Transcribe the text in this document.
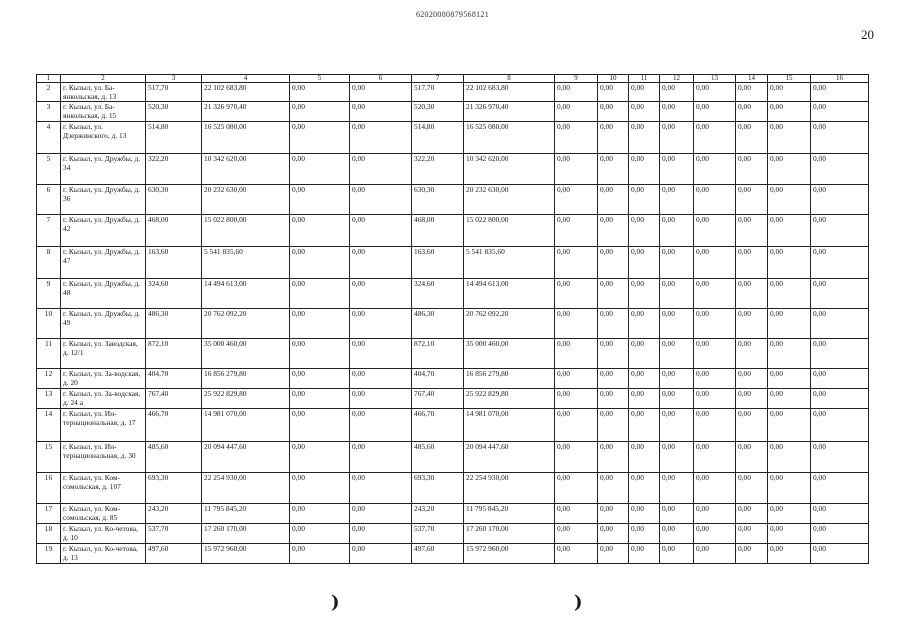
62020080879568121
20
1	2	3	4	5	6	7	8	9	10	11	12	13	14	15	16
2	г. Кызыл, ул. Ба-янкольская, д. 13	517,70	22 102 683,80	0,00	0,00	517,70	22 102 683,80	0,00	0,00	0,00	0,00	0,00	0,00	0,00	0,00
3	г. Кызыл, ул. Ба-янкольская, д. 15	520,30	21 326 970,40	0,00	0,00	520,30	21 326 970,40	0,00	0,00	0,00	0,00	0,00	0,00	0,00	0,00
4	г. Кызыл, ул. Дзержинского, д. 13	514,80	16 525 080,00	0,00	0,00	514,80	16 525 080,00	0,00	0,00	0,00	0,00	0,00	0,00	0,00	0,00
5	г. Кызыл, ул. Дружбы, д. 34	322,20	10 342 620,00	0,00	0,00	322,20	10 342 620,00	0,00	0,00	0,00	0,00	0,00	0,00	0,00	0,00
6	г. Кызыл, ул. Дружбы, д. 36	630,30	20 232 630,00	0,00	0,00	630,30	20 232 630,00	0,00	0,00	0,00	0,00	0,00	0,00	0,00	0,00
7	г. Кызыл, ул. Дружбы, д. 42	468,00	15 022 800,00	0,00	0,00	468,00	15 022 800,00	0,00	0,00	0,00	0,00	0,00	0,00	0,00	0,00
8	г. Кызыл, ул. Дружбы, д. 47	163,60	5 541 835,60	0,00	0,00	163,60	5 541 835,60	0,00	0,00	0,00	0,00	0,00	0,00	0,00	0,00
9	г. Кызыл, ул. Дружбы, д. 48	324,60	14 494 613,00	0,00	0,00	324,60	14 494 613,00	0,00	0,00	0,00	0,00	0,00	0,00	0,00	0,00
10	г. Кызыл, ул. Дружбы, д. 49	486,30	20 762 092,20	0,00	0,00	486,30	20 762 092,20	0,00	0,00	0,00	0,00	0,00	0,00	0,00	0,00
11	г. Кызыл, ул. Заводская, д. 12/1	872,10	35 000 460,00	0,00	0,00	872,10	35 000 460,00	0,00	0,00	0,00	0,00	0,00	0,00	0,00	0,00
12	г. Кызыл, ул. За-водская, д. 20	404,70	16 856 279,80	0,00	0,00	404,70	16 856 279,80	0,00	0,00	0,00	0,00	0,00	0,00	0,00	0,00
13	г. Кызыл, ул. За-водская, д. 24 а	767,40	25 922 829,80	0,00	0,00	767,40	25 922 829,80	0,00	0,00	0,00	0,00	0,00	0,00	0,00	0,00
14	г. Кызыл, ул. Ин-тернациональная, д. 17	466,70	14 981 070,00	0,00	0,00	466,70	14 981 070,00	0,00	0,00	0,00	0,00	0,00	0,00	0,00	0,00
15	г. Кызыл, ул. Ин-тернациональная, д. 30	485,60	20 094 447,60	0,00	0,00	485,60	20 094 447,60	0,00	0,00	0,00	0,00	0,00	0,00	0,00	0,00
16	г. Кызыл, ул. Ком-сомольская, д. 107	693,30	22 254 930,00	0,00	0,00	693,30	22 254 930,00	0,00	0,00	0,00	0,00	0,00	0,00	0,00	0,00
17	г. Кызыл, ул. Ком-сомольская, д. 85	243,20	11 795 845,20	0,00	0,00	243,20	11 795 845,20	0,00	0,00	0,00	0,00	0,00	0,00	0,00	0,00
18	г. Кызыл, ул. Ко-четова, д. 10	537,70	17 260 170,00	0,00	0,00	537,70	17 260 170,00	0,00	0,00	0,00	0,00	0,00	0,00	0,00	0,00
19	г. Кызыл, ул. Ко-четова, д. 13	497,60	15 972 960,00	0,00	0,00	497,60	15 972 960,00	0,00	0,00	0,00	0,00	0,00	0,00	0,00	0,00
)	)
